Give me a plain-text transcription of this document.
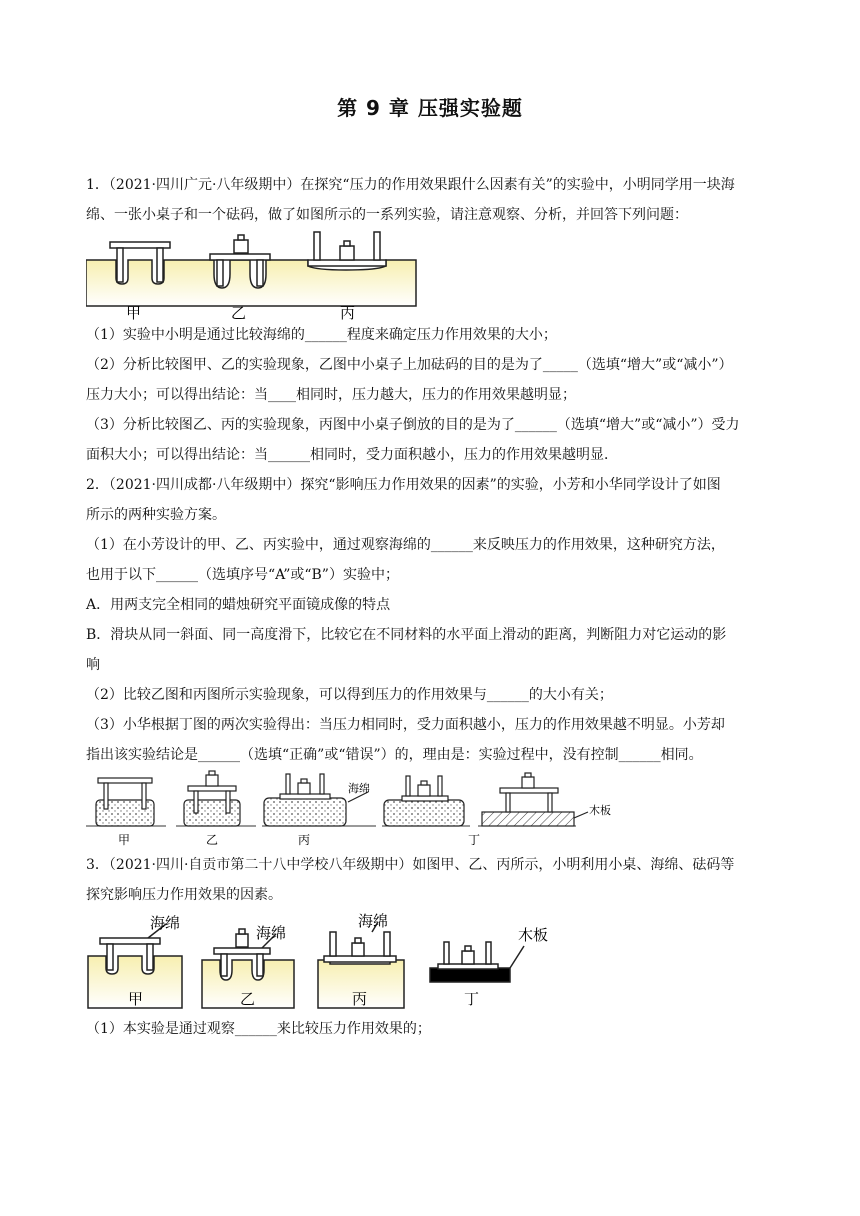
第 9 章 压强实验题
1．（2021·四川广元·八年级期中）在探究“压力的作用效果跟什么因素有关”的实验中，小明同学用一块海
绵、一张小桌子和一个砝码，做了如图所示的一系列实验，请注意观察、分析，并回答下列问题：
甲	乙	丙
（1）实验中小明是通过比较海绵的______程度来确定压力作用效果的大小；
（2）分析比较图甲、乙的实验现象，乙图中小桌子上加砝码的目的是为了_____（选填“增大”或“减小”）
压力大小；可以得出结论：当____相同时，压力越大，压力的作用效果越明显；
（3）分析比较图乙、丙的实验现象，丙图中小桌子倒放的目的是为了______（选填“增大”或“减小”）受力
面积大小；可以得出结论：当______相同时，受力面积越小，压力的作用效果越明显．
2．（2021·四川成都·八年级期中）探究“影响压力作用效果的因素”的实验，小芳和小华同学设计了如图
所示的两种实验方案。
（1）在小芳设计的甲、乙、丙实验中，通过观察海绵的______来反映压力的作用效果，这种研究方法，
也用于以下______（选填序号“A”或“B”）实验中；
A．用两支完全相同的蜡烛研究平面镜成像的特点
B．滑块从同一斜面、同一高度滑下，比较它在不同材料的水平面上滑动的距离，判断阻力对它运动的影
响
（2）比较乙图和丙图所示实验现象，可以得到压力的作用效果与______的大小有关；
（3）小华根据丁图的两次实验得出：当压力相同时，受力面积越小，压力的作用效果越不明显。小芳却
指出该实验结论是______（选填“正确”或“错误”）的，理由是：实验过程中，没有控制______相同。
海绵
木板
甲	乙	丙	丁
3．（2021·四川·自贡市第二十八中学校八年级期中）如图甲、乙、丙所示，小明利用小桌、海绵、砝码等
探究影响压力作用效果的因素。
海绵
海绵
海绵
木板
甲	乙	丙	丁
（1）本实验是通过观察______来比较压力作用效果的；
